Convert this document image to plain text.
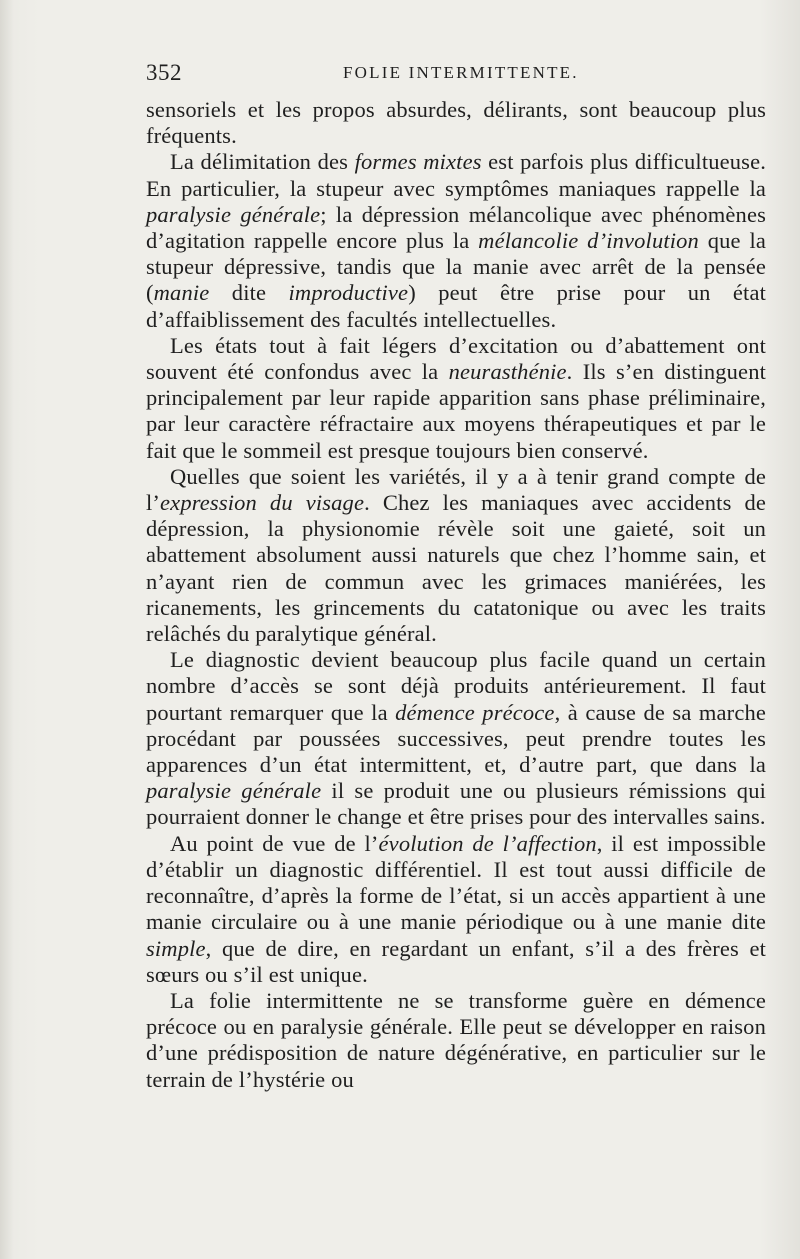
352	FOLIE INTERMITTENTE.

sensoriels et les propos absurdes, délirants, sont beaucoup plus fréquents.

La délimitation des formes mixtes est parfois plus difficultueuse. En particulier, la stupeur avec symptômes maniaques rappelle la paralysie générale; la dépression mélancolique avec phénomènes d’agitation rappelle encore plus la mélancolie d’involution que la stupeur dépressive, tandis que la manie avec arrêt de la pensée (manie dite improductive) peut être prise pour un état d’affaiblissement des facultés intellectuelles.

Les états tout à fait légers d’excitation ou d’abattement ont souvent été confondus avec la neurasthénie. Ils s’en distinguent principalement par leur rapide apparition sans phase préliminaire, par leur caractère réfractaire aux moyens thérapeutiques et par le fait que le sommeil est presque toujours bien conservé.

Quelles que soient les variétés, il y a à tenir grand compte de l’expression du visage. Chez les maniaques avec accidents de dépression, la physionomie révèle soit une gaieté, soit un abattement absolument aussi naturels que chez l’homme sain, et n’ayant rien de commun avec les grimaces maniérées, les ricanements, les grincements du catatonique ou avec les traits relâchés du paralytique général.

Le diagnostic devient beaucoup plus facile quand un certain nombre d’accès se sont déjà produits antérieurement. Il faut pourtant remarquer que la démence précoce, à cause de sa marche procédant par poussées successives, peut prendre toutes les apparences d’un état intermittent, et, d’autre part, que dans la paralysie générale il se produit une ou plusieurs rémissions qui pourraient donner le change et être prises pour des intervalles sains.

Au point de vue de l’évolution de l’affection, il est impossible d’établir un diagnostic différentiel. Il est tout aussi difficile de reconnaître, d’après la forme de l’état, si un accès appartient à une manie circulaire ou à une manie périodique ou à une manie dite simple, que de dire, en regardant un enfant, s’il a des frères et sœurs ou s’il est unique.

La folie intermittente ne se transforme guère en démence précoce ou en paralysie générale. Elle peut se développer en raison d’une prédisposition de nature dégénérative, en particulier sur le terrain de l’hystérie ou
